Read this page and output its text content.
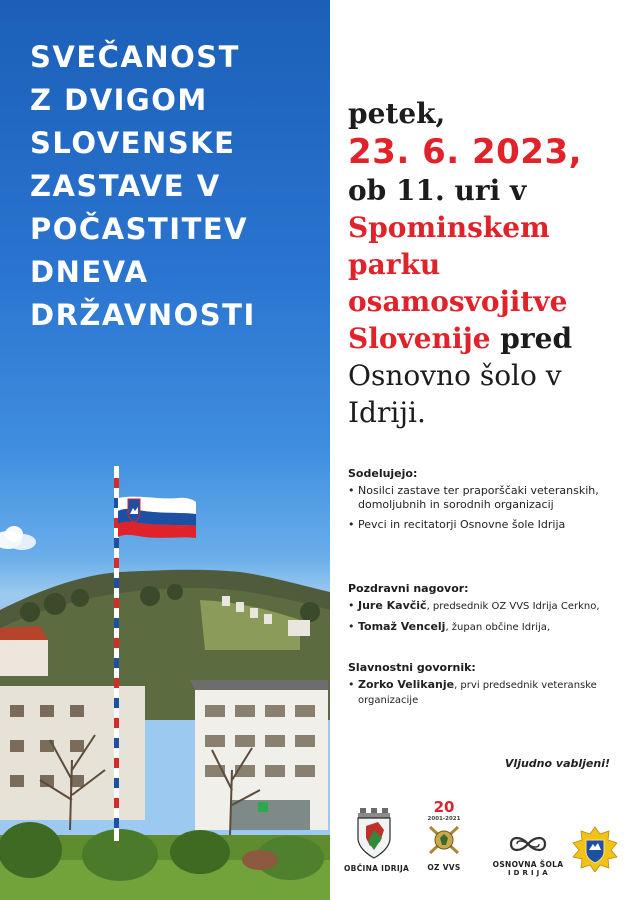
SVEČANOST
Z DVIGOM
SLOVENSKE
ZASTAVE V
POČASTITEV
DNEVA
DRŽAVNOSTI
petek,
23. 6. 2023,
ob 11. uri v
Spominskem
parku
osamosvojitve
Slovenije pred
Osnovno šolo v
Idriji.
Sodelujejo:
• Nosilci zastave ter praporščaki veteranskih, domoljubnih in sorodnih organizacij
• Pevci in recitatorji Osnovne šole Idrija
Pozdravni nagovor:
• Jure Kavčič, predsednik OZ VVS Idrija Cerkno,
• Tomaž Vencelj, župan občine Idrija,
Slavnostni govornik:
• Zorko Velikanje, prvi predsednik veteranske organizacije
Vljudno vabljeni!
OBČINA IDRIJA
20
2001-2021
OZ VVS	OSNOVNA ŠOLA
I D R I J A
